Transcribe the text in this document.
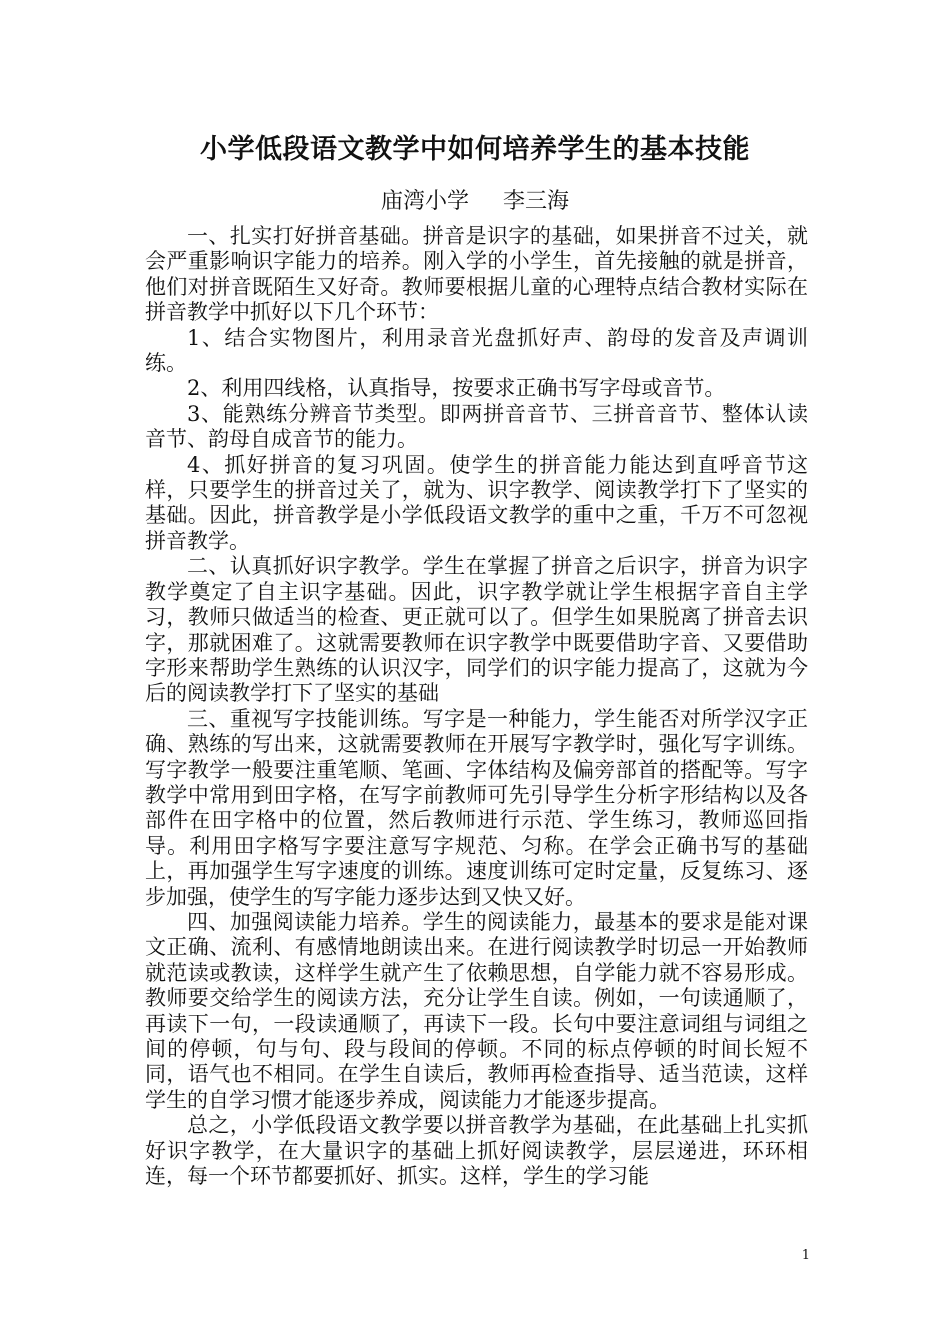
小学低段语文教学中如何培养学生的基本技能
庙湾小学 李三海

一、扎实打好拼音基础。拼音是识字的基础，如果拼音不过关，就会严重影响识字能力的培养。刚入学的小学生，首先接触的就是拼音，他们对拼音既陌生又好奇。教师要根据儿童的心理特点结合教材实际在拼音教学中抓好以下几个环节：

1、结合实物图片，利用录音光盘抓好声、韵母的发音及声调训练。

2、利用四线格，认真指导，按要求正确书写字母或音节。

3、能熟练分辨音节类型。即两拼音音节、三拼音音节、整体认读音节、韵母自成音节的能力。

4、抓好拼音的复习巩固。使学生的拼音能力能达到直呼音节这样，只要学生的拼音过关了，就为、识字教学、阅读教学打下了坚实的基础。因此，拼音教学是小学低段语文教学的重中之重，千万不可忽视拼音教学。

二、认真抓好识字教学。学生在掌握了拼音之后识字，拼音为识字教学奠定了自主识字基础。因此，识字教学就让学生根据字音自主学习，教师只做适当的检查、更正就可以了。但学生如果脱离了拼音去识字，那就困难了。这就需要教师在识字教学中既要借助字音、又要借助字形来帮助学生熟练的认识汉字，同学们的识字能力提高了，这就为今后的阅读教学打下了坚实的基础

三、重视写字技能训练。写字是一种能力，学生能否对所学汉字正确、熟练的写出来，这就需要教师在开展写字教学时，强化写字训练。写字教学一般要注重笔顺、笔画、字体结构及偏旁部首的搭配等。写字教学中常用到田字格，在写字前教师可先引导学生分析字形结构以及各部件在田字格中的位置，然后教师进行示范、学生练习，教师巡回指导。利用田字格写字要注意写字规范、匀称。在学会正确书写的基础上，再加强学生写字速度的训练。速度训练可定时定量，反复练习、逐步加强，使学生的写字能力逐步达到又快又好。

四、加强阅读能力培养。学生的阅读能力，最基本的要求是能对课文正确、流利、有感情地朗读出来。在进行阅读教学时切忌一开始教师就范读或教读，这样学生就产生了依赖思想，自学能力就不容易形成。教师要交给学生的阅读方法，充分让学生自读。例如，一句读通顺了，再读下一句，一段读通顺了，再读下一段。长句中要注意词组与词组之间的停顿，句与句、段与段间的停顿。不同的标点停顿的时间长短不同，语气也不相同。在学生自读后，教师再检查指导、适当范读，这样学生的自学习惯才能逐步养成，阅读能力才能逐步提高。

总之，小学低段语文教学要以拼音教学为基础，在此基础上扎实抓好识字教学，在大量识字的基础上抓好阅读教学，层层递进，环环相连，每一个环节都要抓好、抓实。这样，学生的学习能

1
